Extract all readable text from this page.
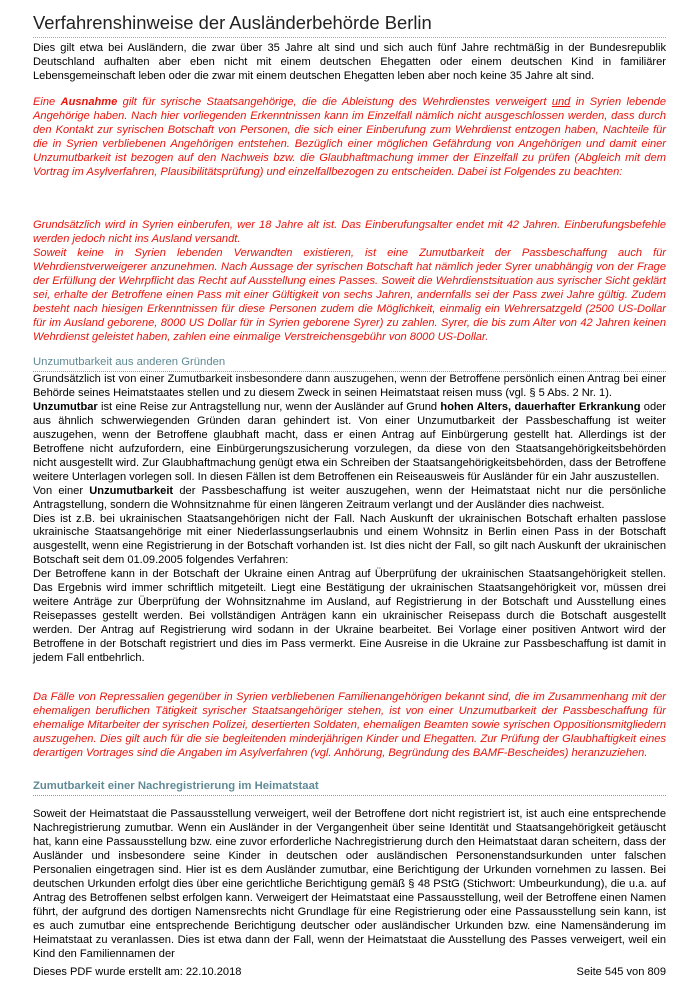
Verfahrenshinweise der Ausländerbehörde Berlin
Dies gilt etwa bei Ausländern, die zwar über 35 Jahre alt sind und sich auch fünf Jahre rechtmäßig in der Bundesrepublik Deutschland aufhalten aber eben nicht mit einem deutschen Ehegatten oder einem deutschen Kind in familiärer Lebensgemeinschaft leben oder die zwar mit einem deutschen Ehegatten leben aber noch keine 35 Jahre alt sind.
Eine Ausnahme gilt für syrische Staatsangehörige, die die Ableistung des Wehrdienstes verweigert und in Syrien lebende Angehörige haben. Nach hier vorliegenden Erkenntnissen kann im Einzelfall nämlich nicht ausgeschlossen werden, dass durch den Kontakt zur syrischen Botschaft von Personen, die sich einer Einberufung zum Wehrdienst entzogen haben, Nachteile für die in Syrien verbliebenen Angehörigen entstehen. Bezüglich einer möglichen Gefährdung von Angehörigen und damit einer Unzumutbarkeit ist bezogen auf den Nachweis bzw. die Glaubhaftmachung immer der Einzelfall zu prüfen (Abgleich mit dem Vortrag im Asylverfahren, Plausibilitätsprüfung) und einzelfallbezogen zu entscheiden. Dabei ist Folgendes zu beachten:

Grundsätzlich wird in Syrien einberufen, wer 18 Jahre alt ist. Das Einberufungsalter endet mit 42 Jahren. Einberufungsbefehle werden jedoch nicht ins Ausland versandt.

Soweit keine in Syrien lebenden Verwandten existieren, ist eine Zumutbarkeit der Passbeschaffung auch für Wehrdienstverweigerer anzunehmen. Nach Aussage der syrischen Botschaft hat nämlich jeder Syrer unabhängig von der Frage der Erfüllung der Wehrpflicht das Recht auf Ausstellung eines Passes. Soweit die Wehrdienstsituation aus syrischer Sicht geklärt sei, erhalte der Betroffene einen Pass mit einer Gültigkeit von sechs Jahren, andernfalls sei der Pass zwei Jahre gültig. Zudem besteht nach hiesigen Erkenntnissen für diese Personen zudem die Möglichkeit, einmalig ein Wehrersatzgeld (2500 US-Dollar für im Ausland geborene, 8000 US Dollar für in Syrien geborene Syrer) zu zahlen. Syrer, die bis zum Alter von 42 Jahren keinen Wehrdienst geleistet haben, zahlen eine einmalige Verstreichensgebühr von 8000 US-Dollar.

Unzumutbarkeit aus anderen Gründen

Grundsätzlich ist von einer Zumutbarkeit insbesondere dann auszugehen, wenn der Betroffene persönlich einen Antrag bei einer Behörde seines Heimatstaates stellen und zu diesem Zweck in seinen Heimatstaat reisen muss (vgl. § 5 Abs. 2 Nr. 1).

Unzumutbar ist eine Reise zur Antragstellung nur, wenn der Ausländer auf Grund hohen Alters, dauerhafter Erkrankung oder aus ähnlich schwerwiegenden Gründen daran gehindert ist. Von einer Unzumutbarkeit der Passbeschaffung ist weiter auszugehen, wenn der Betroffene glaubhaft macht, dass er einen Antrag auf Einbürgerung gestellt hat. Allerdings ist der Betroffene nicht aufzufordern, eine Einbürgerungszusicherung vorzulegen, da diese von den Staatsangehörigkeitsbehörden nicht ausgestellt wird. Zur Glaubhaftmachung genügt etwa ein Schreiben der Staatsangehörigkeitsbehörden, dass der Betroffene weitere Unterlagen vorlegen soll. In diesen Fällen ist dem Betroffenen ein Reiseausweis für Ausländer für ein Jahr auszustellen.

Von einer Unzumutbarkeit der Passbeschaffung ist weiter auszugehen, wenn der Heimatstaat nicht nur die persönliche Antragstellung, sondern die Wohnsitznahme für einen längeren Zeitraum verlangt und der Ausländer dies nachweist.

Dies ist z.B. bei ukrainischen Staatsangehörigen nicht der Fall. Nach Auskunft der ukrainischen Botschaft erhalten passlose ukrainische Staatsangehörige mit einer Niederlassungserlaubnis und einem Wohnsitz in Berlin einen Pass in der Botschaft ausgestellt, wenn eine Registrierung in der Botschaft vorhanden ist. Ist dies nicht der Fall, so gilt nach Auskunft der ukrainischen Botschaft seit dem 01.09.2005 folgendes Verfahren:

Der Betroffene kann in der Botschaft der Ukraine einen Antrag auf Überprüfung der ukrainischen Staatsangehörigkeit stellen. Das Ergebnis wird immer schriftlich mitgeteilt. Liegt eine Bestätigung der ukrainischen Staatsangehörigkeit vor, müssen drei weitere Anträge zur Überprüfung der Wohnsitznahme im Ausland, auf Registrierung in der Botschaft und Ausstellung eines Reisepasses gestellt werden. Bei vollständigen Anträgen kann ein ukrainischer Reisepass durch die Botschaft ausgestellt werden. Der Antrag auf Registrierung wird sodann in der Ukraine bearbeitet. Bei Vorlage einer positiven Antwort wird der Betroffene in der Botschaft registriert und dies im Pass vermerkt. Eine Ausreise in die Ukraine zur Passbeschaffung ist damit in jedem Fall entbehrlich.

Da Fälle von Repressalien gegenüber in Syrien verbliebenen Familienangehörigen bekannt sind, die im Zusammenhang mit der ehemaligen beruflichen Tätigkeit syrischer Staatsangehöriger stehen, ist von einer Unzumutbarkeit der Passbeschaffung für ehemalige Mitarbeiter der syrischen Polizei, desertierten Soldaten, ehemaligen Beamten sowie syrischen Oppositionsmitgliedern auszugehen. Dies gilt auch für die sie begleitenden minderjährigen Kinder und Ehegatten. Zur Prüfung der Glaubhaftigkeit eines derartigen Vortrages sind die Angaben im Asylverfahren (vgl. Anhörung, Begründung des BAMF-Bescheides) heranzuziehen.
Zumutbarkeit einer Nachregistrierung im Heimatstaat
Soweit der Heimatstaat die Passausstellung verweigert, weil der Betroffene dort nicht registriert ist, ist auch eine entsprechende Nachregistrierung zumutbar. Wenn ein Ausländer in der Vergangenheit über seine Identität und Staatsangehörigkeit getäuscht hat, kann eine Passausstellung bzw. eine zuvor erforderliche Nachregistrierung durch den Heimatstaat daran scheitern, dass der Ausländer und insbesondere seine Kinder in deutschen oder ausländischen Personenstandsurkunden unter falschen Personalien eingetragen sind. Hier ist es dem Ausländer zumutbar, eine Berichtigung der Urkunden vornehmen zu lassen. Bei deutschen Urkunden erfolgt dies über eine gerichtliche Berichtigung gemäß § 48 PStG (Stichwort: Umbeurkundung), die u.a. auf Antrag des Betroffenen selbst erfolgen kann. Verweigert der Heimatstaat eine Passausstellung, weil der Betroffene einen Namen führt, der aufgrund des dortigen Namensrechts nicht Grundlage für eine Registrierung oder eine Passausstellung sein kann, ist es auch zumutbar eine entsprechende Berichtigung deutscher oder ausländischer Urkunden bzw. eine Namensänderung im Heimatstaat zu veranlassen. Dies ist etwa dann der Fall, wenn der Heimatstaat die Ausstellung des Passes verweigert, weil ein Kind den Familiennamen der
Dieses PDF wurde erstellt am: 22.10.2018	Seite 545 von 809
